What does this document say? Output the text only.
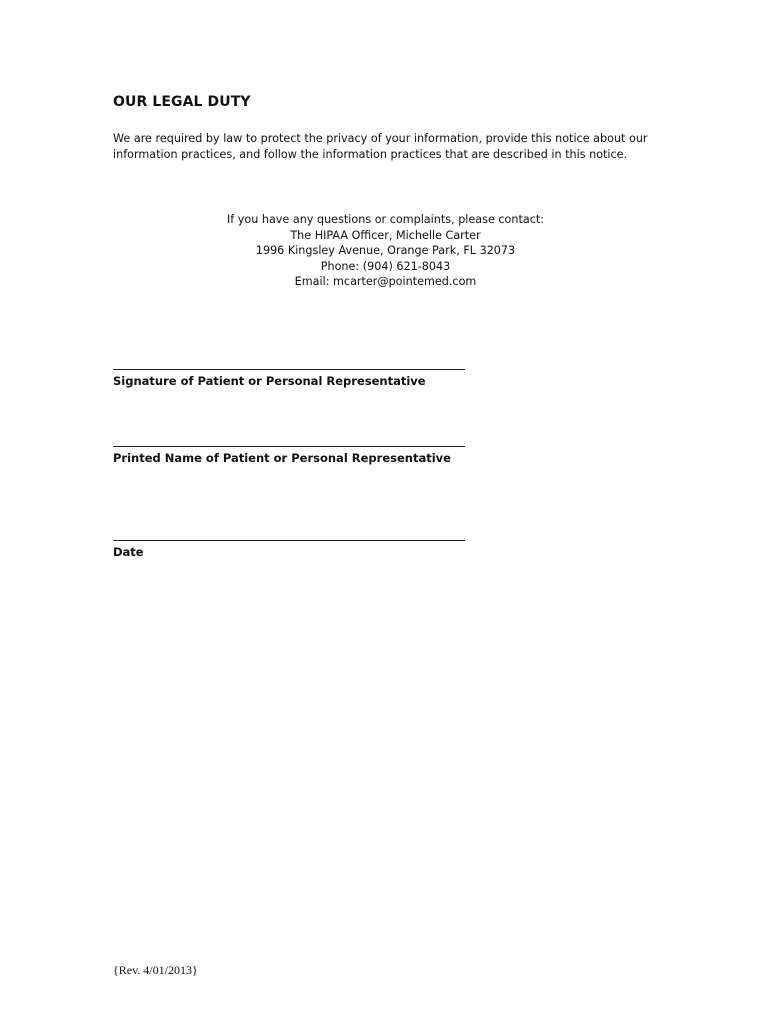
OUR LEGAL DUTY

We are required by law to protect the privacy of your information, provide this notice about our
information practices, and follow the information practices that are described in this notice.

If you have any questions or complaints, please contact:
The HIPAA Officer, Michelle Carter
1996 Kingsley Avenue, Orange Park, FL 32073
Phone: (904) 621-8043
Email: mcarter@pointemed.com
Signature of Patient or Personal Representative
Printed Name of Patient or Personal Representative
Date
{Rev. 4/01/2013}
